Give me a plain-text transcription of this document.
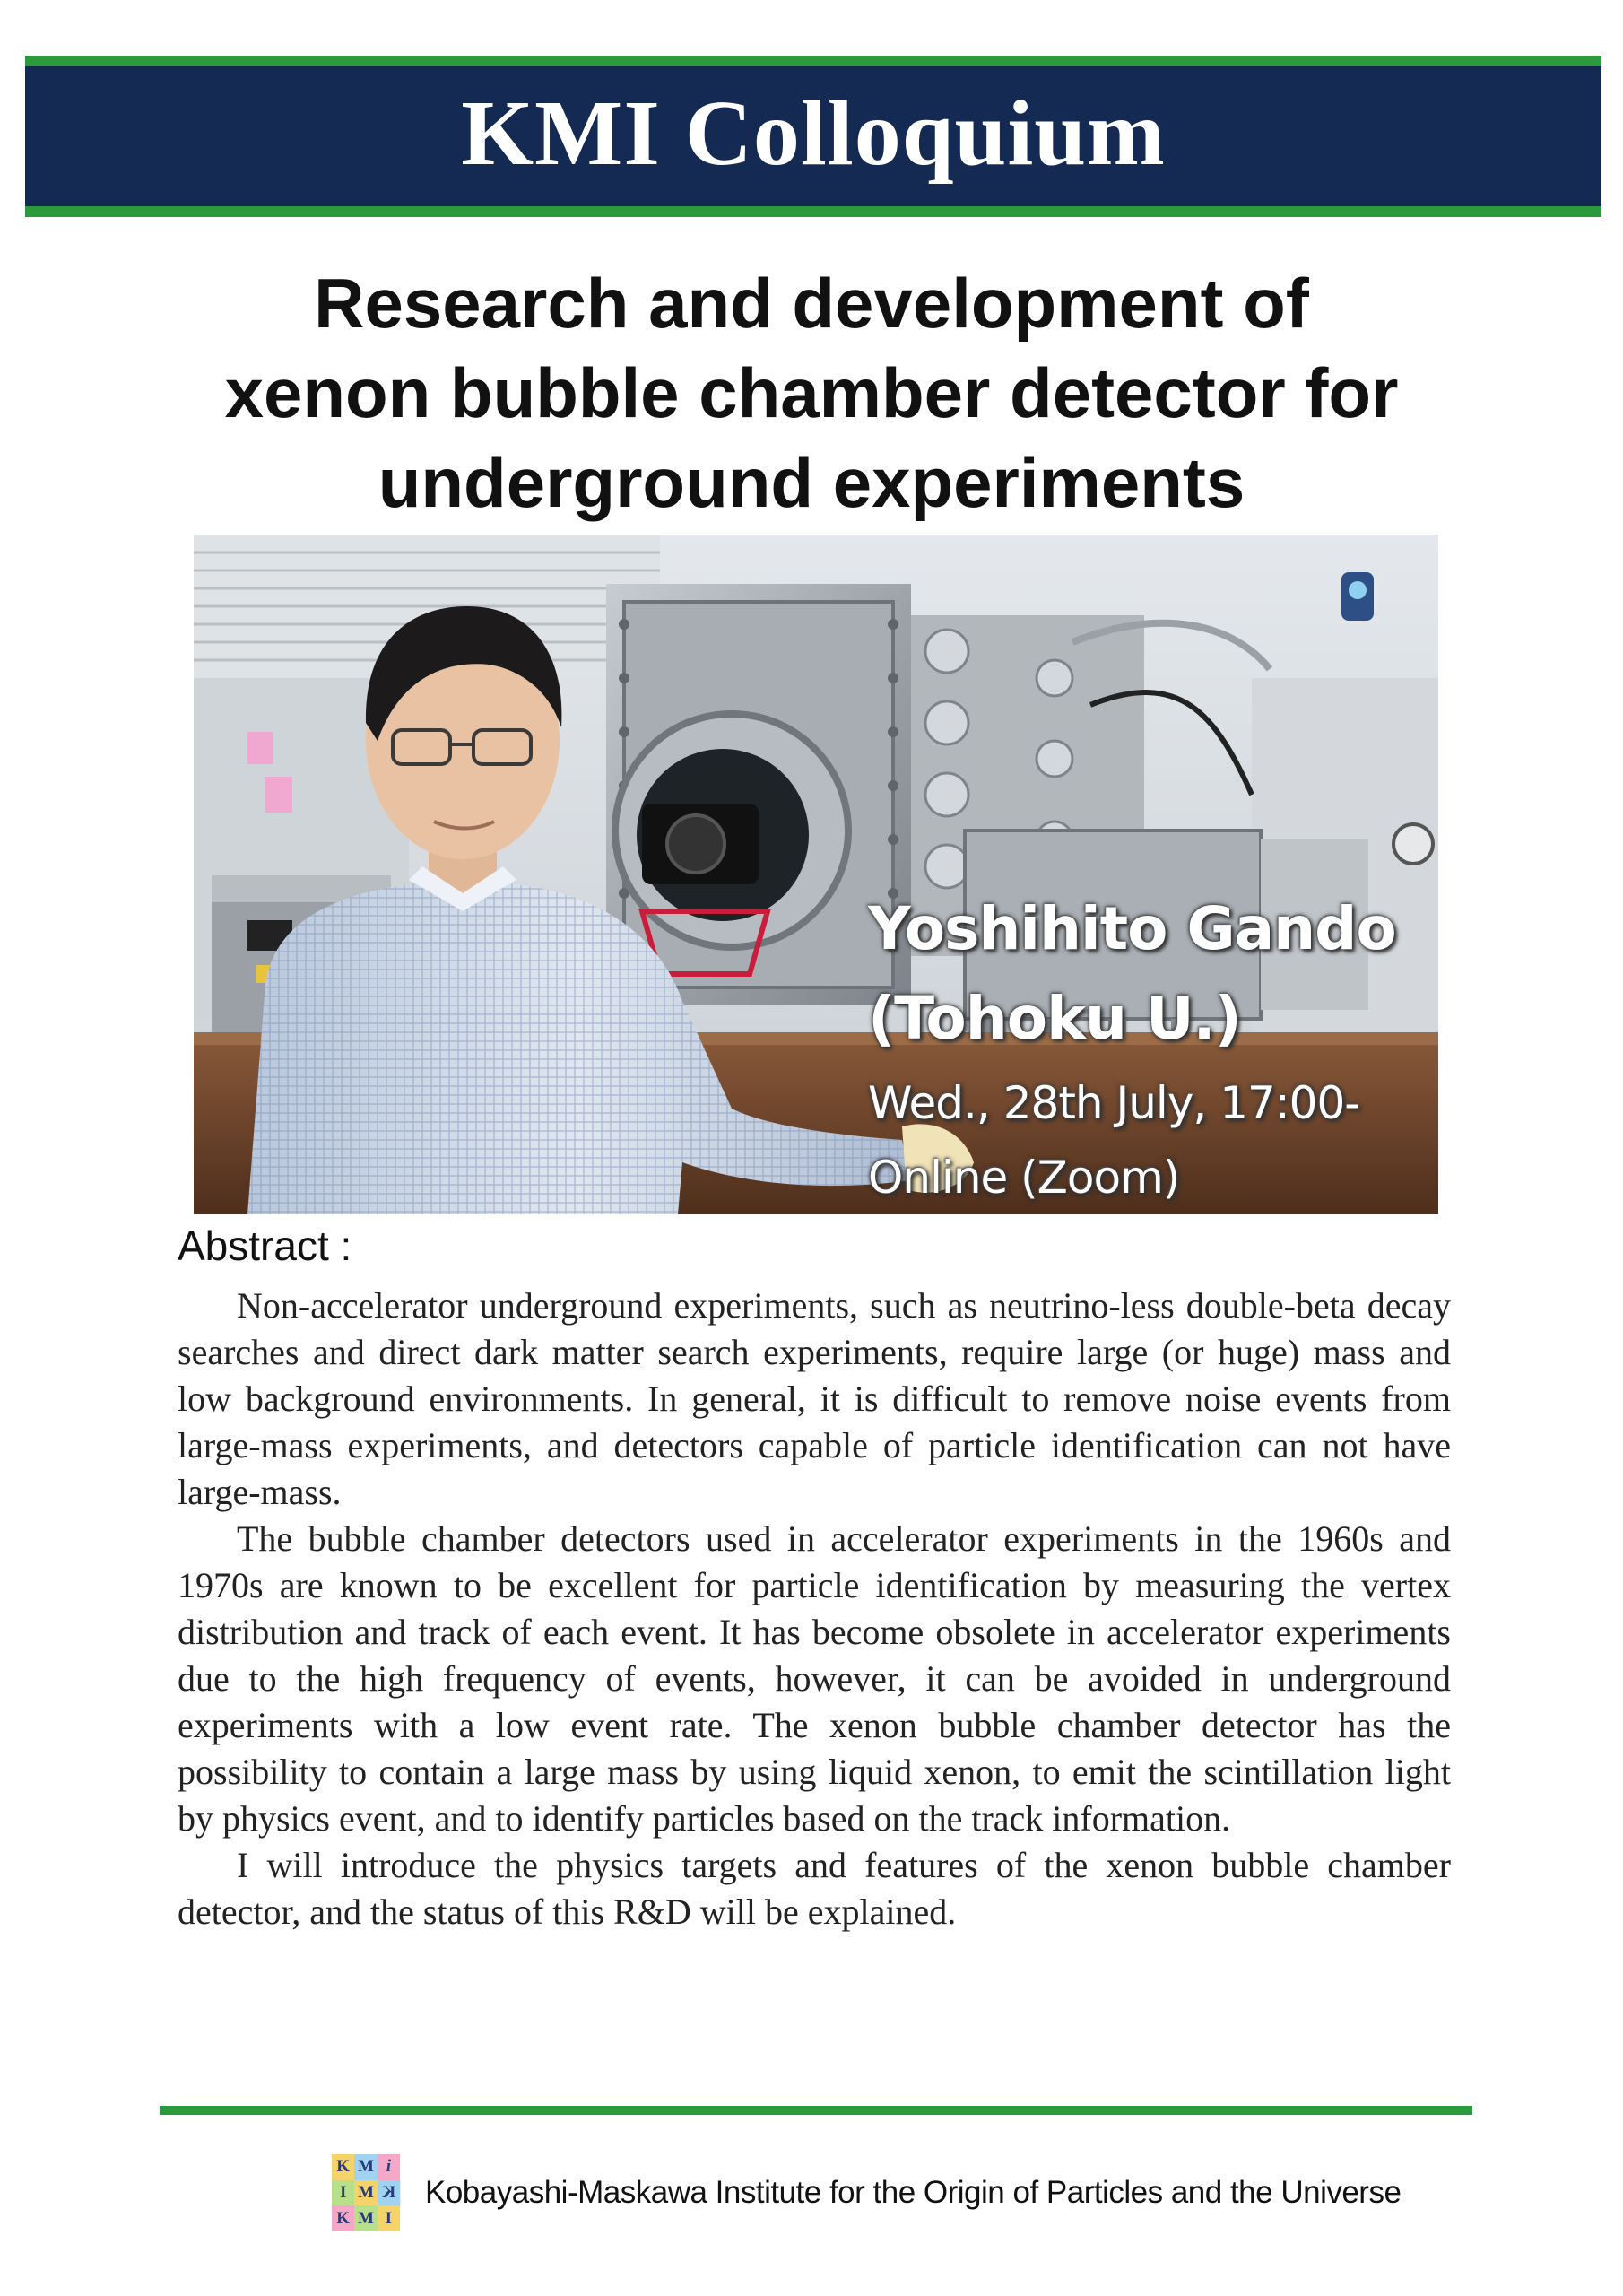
KMI Colloquium
Research and development of
xenon bubble chamber detector for
underground experiments
Yoshihito Gando
(Tohoku U.)
Wed., 28th July, 17:00-
Online (Zoom)
Abstract :

Non-accelerator underground experiments, such as neutrino-less double-beta decay searches and direct dark matter search experiments, require large (or huge) mass and low background environments. In general, it is difficult to remove noise events from large-mass experiments, and detectors capable of particle identification can not have large-mass.

The bubble chamber detectors used in accelerator experiments in the 1960s and 1970s are known to be excellent for particle identification by measuring the vertex distribution and track of each event. It has become obsolete in accelerator experiments due to the high frequency of events, however, it can be avoided in underground experiments with a low event rate. The xenon bubble chamber detector has the possibility to contain a large mass by using liquid xenon, to emit the scintillation light by physics event, and to identify particles based on the track information.

I will introduce the physics targets and features of the xenon bubble chamber detector, and the status of this R&D will be explained.

K M i
I M K
K M I
Kobayashi-Maskawa Institute for the Origin of Particles and the Universe
